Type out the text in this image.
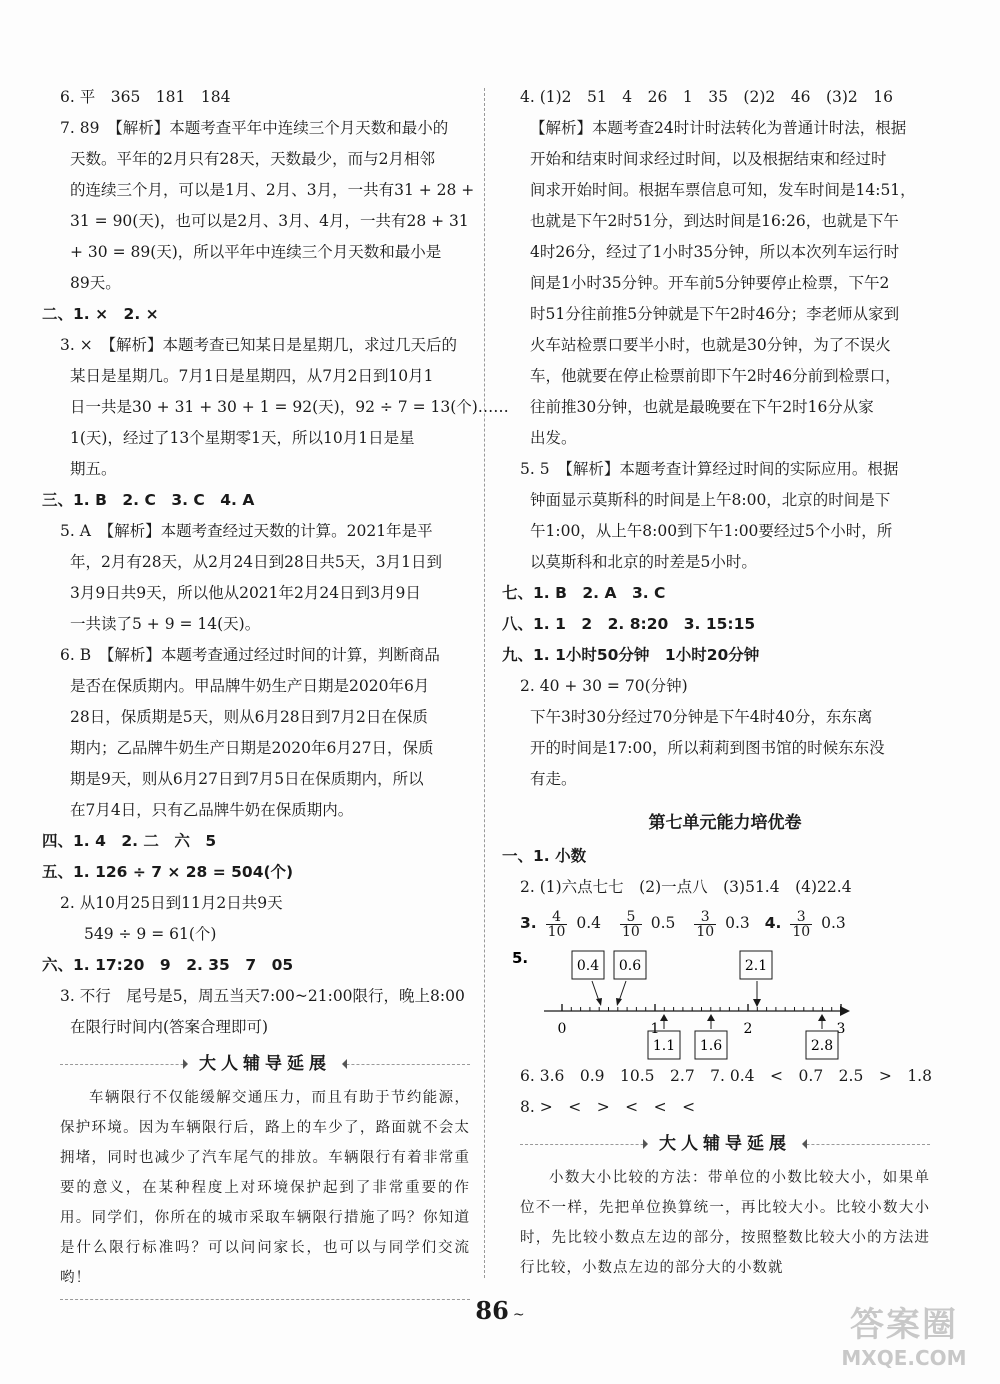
6. 平　365　181　184
7. 89　【解析】本题考查平年中连续三个月天数和最小的
天数。平年的2月只有28天，天数最少，而与2月相邻
的连续三个月，可以是1月、2月、3月，一共有31 + 28 +
31 = 90(天)，也可以是2月、3月、4月，一共有28 + 31
+ 30 = 89(天)，所以平年中连续三个月天数和最小是
89天。
二、1. ×　2. ×
3. ×　【解析】本题考查已知某日是星期几，求过几天后的
某日是星期几。7月1日是星期四，从7月2日到10月1
日一共是30 + 31 + 30 + 1 = 92(天)，92 ÷ 7 = 13(个)……
1(天)，经过了13个星期零1天，所以10月1日是星
期五。
三、1. B　2. C　3. C　4. A
5. A　【解析】本题考查经过天数的计算。2021年是平
年，2月有28天，从2月24日到28日共5天，3月1日到
3月9日共9天，所以他从2021年2月24日到3月9日
一共读了5 + 9 = 14(天)。
6. B　【解析】本题考查通过经过时间的计算，判断商品
是否在保质期内。甲品牌牛奶生产日期是2020年6月
28日，保质期是5天，则从6月28日到7月2日在保质
期内；乙品牌牛奶生产日期是2020年6月27日，保质
期是9天，则从6月27日到7月5日在保质期内，所以
在7月4日，只有乙品牌牛奶在保质期内。
四、1. 4　2. 二　六　5
五、1. 126 ÷ 7 × 28 = 504(个)
2. 从10月25日到11月2日共9天
549 ÷ 9 = 61(个)
六、1. 17:20　9　2. 35　7　05
3. 不行　尾号是5，周五当天7:00~21:00限行，晚上8:00
在限行时间内(答案合理即可)
大人辅导延展
车辆限行不仅能缓解交通压力，而且有助于节约能源，保护环境。因为车辆限行后，路上的车少了，路面就不会太拥堵，同时也减少了汽车尾气的排放。车辆限行有着非常重要的意义，在某种程度上对环境保护起到了非常重要的作用。同学们，你所在的城市采取车辆限行措施了吗？你知道是什么限行标准吗？可以问问家长，也可以与同学们交流哟！
4. (1)2　51　4　26　1　35　(2)2　46　(3)2　16
【解析】本题考查24时计时法转化为普通计时法，根据
开始和结束时间求经过时间，以及根据结束和经过时
间求开始时间。根据车票信息可知，发车时间是14:51，
也就是下午2时51分，到达时间是16:26，也就是下午
4时26分，经过了1小时35分钟，所以本次列车运行时
间是1小时35分钟。开车前5分钟要停止检票，下午2
时51分往前推5分钟就是下午2时46分；李老师从家到
火车站检票口要半小时，也就是30分钟，为了不误火
车，他就要在停止检票前即下午2时46分前到检票口，
往前推30分钟，也就是最晚要在下午2时16分从家
出发。
5. 5　【解析】本题考查计算经过时间的实际应用。根据
钟面显示莫斯科的时间是上午8:00，北京的时间是下
午1:00，从上午8:00到下午1:00要经过5个小时，所
以莫斯科和北京的时差是5小时。
七、1. B　2. A　3. C
八、1. 1　2　2. 8:20　3. 15:15
九、1. 1小时50分钟　1小时20分钟
2. 40 + 30 = 70(分钟)
下午3时30分经过70分钟是下午4时40分，东东离
开的时间是17:00，所以莉莉到图书馆的时候东东没
有走。
第七单元能力培优卷
一、1. 小数
2. (1)六点七七　(2)一点八　(3)51.4　(4)22.4
3. $\frac{4}{10} 0.4 \frac{5}{10} 0.5 \frac{3}{10} 0.3$ 4. $\frac{3}{10} 0.3$
5.
0	1	2	3
0.4 0.6	2.1
1.1 1.6	2.8
6. 3.6　0.9　10.5　2.7　7. 0.4　<　0.7　2.5　>　1.8
8. >　<　>　<　<　<
大人辅导延展
小数大小比较的方法：带单位的小数比较大小，如果单位不一样，先把单位换算统一，再比较大小。比较小数大小时，先比较小数点左边的部分，按照整数比较大小的方法进行比较，小数点左边的部分大的小数就
86 ~	答案圈
MXQE.COM
